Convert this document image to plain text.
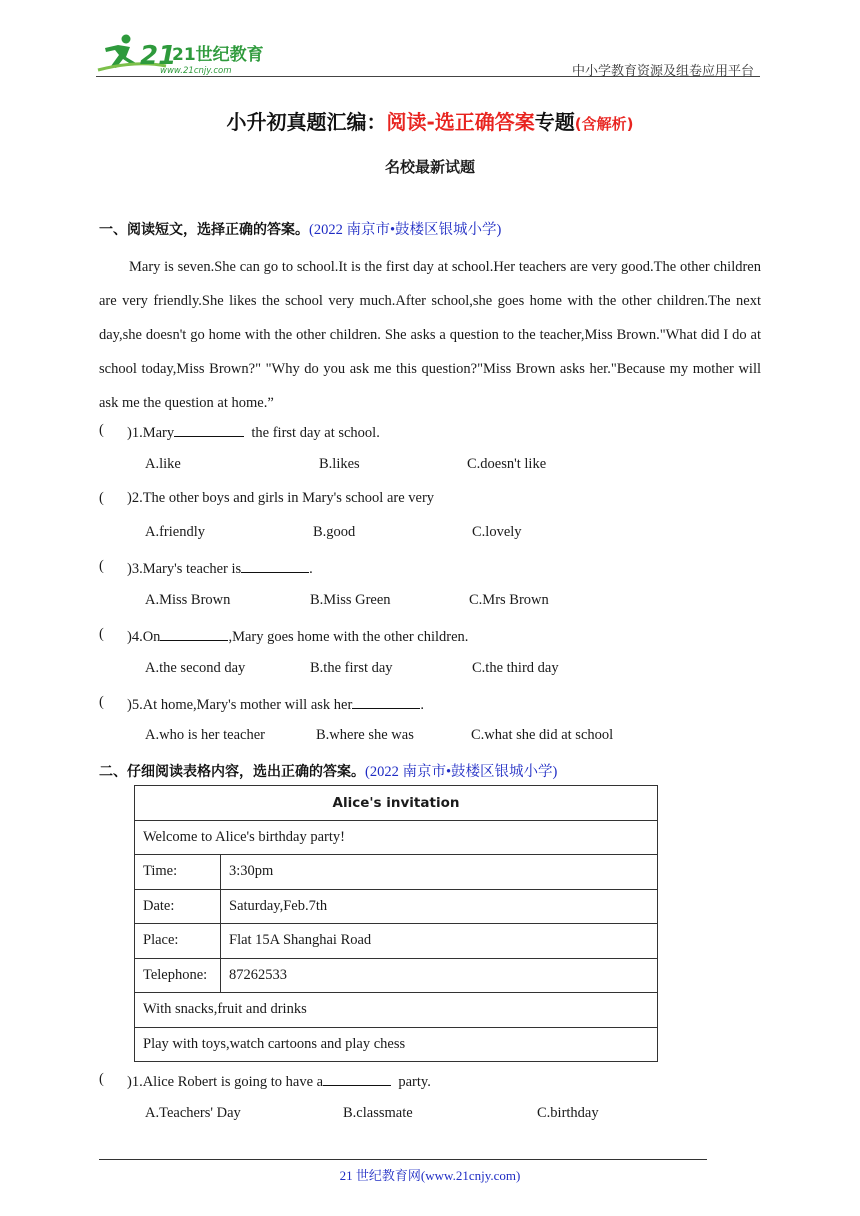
21
21世纪教育
www.21cnjy.com	中小学教育资源及组卷应用平台
小升初真题汇编：阅读-选正确答案专题(含解析)
名校最新试题
一、阅读短文，选择正确的答案。(2022 南京市•鼓楼区银城小学)

Mary is seven.She can go to school.It is the first day at school.Her teachers are very good.The other children are very friendly.She likes the school very much.After school,she goes home with the other children.The next day,she doesn't go home with the other children. She asks a question to the teacher,Miss Brown."What did I do at school today,Miss Brown?" "Why do you ask me this question?"Miss Brown asks her."Because my mother will ask me the question at home.”

( )1.Mary	the first day at school.
A.like	B.likes	C.doesn't like
( )2.The other boys and girls in Mary's school are very
A.friendly	B.good	C.lovely
( )3.Mary's teacher is	.
A.Miss Brown	B.Miss Green	C.Mrs Brown
( )4.On	,Mary goes home with the other children.
A.the second day	B.the first day	C.the third day
( )5.At home,Mary's mother will ask her	.
A.who is her teacher	B.where she was	C.what she did at school
二、仔细阅读表格内容，选出正确的答案。(2022 南京市•鼓楼区银城小学)
Alice's invitation	
Welcome to Alice's birthday party!	
Time:	3:30pm
Date:	Saturday,Feb.7th
Place:	Flat 15A Shanghai Road
Telephone:	87262533
With snacks,fruit and drinks	
Play with toys,watch cartoons and play chess	
( )1.Alice Robert is going to have a	party.
A.Teachers' Day	B.classmate	C.birthday
21 世纪教育网(www.21cnjy.com)
